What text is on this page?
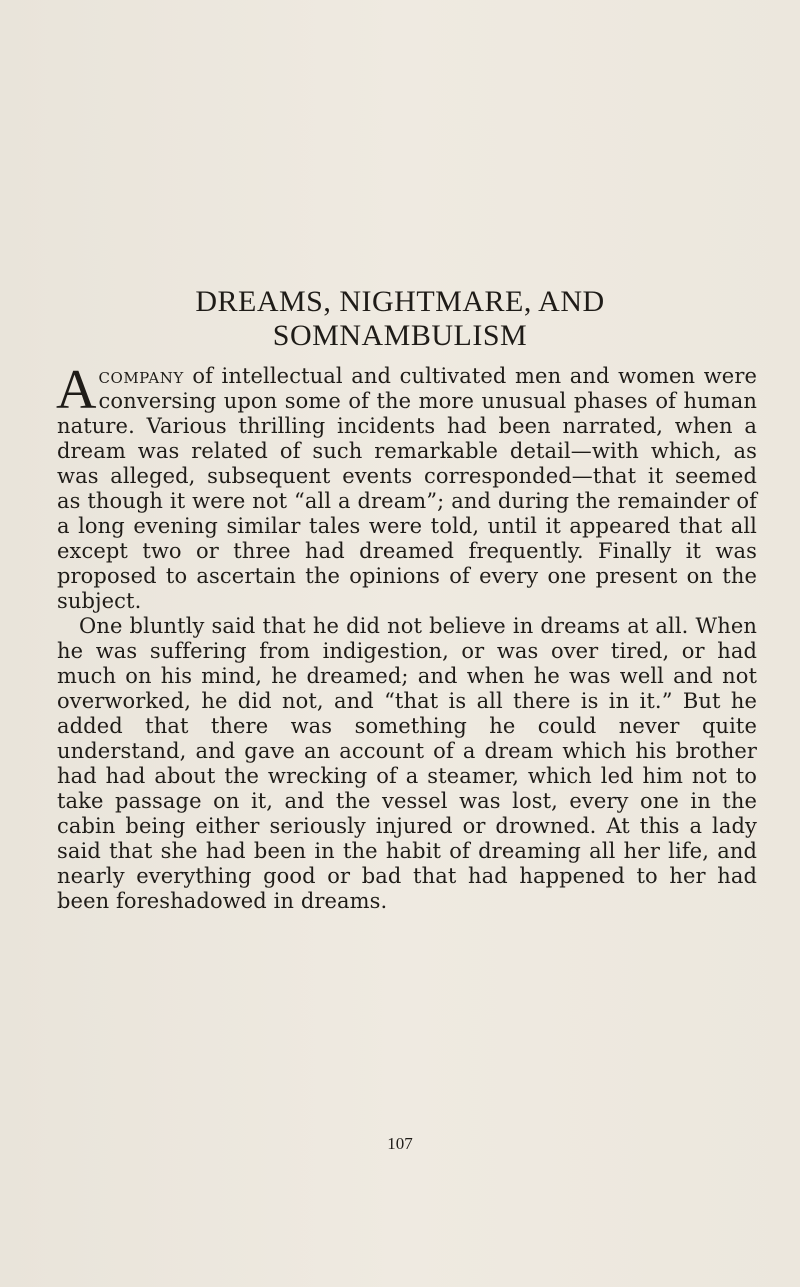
DREAMS, NIGHTMARE, AND
SOMNAMBULISM

Acompany of intellectual and cultivated men and women were conversing upon some of the more unusual phases of human nature. Various thrilling incidents had been narrated, when a dream was related of such remarkable detail—with which, as was alleged, subsequent events corresponded—that it seemed as though it were not “all a dream”; and during the remainder of a long evening similar tales were told, until it appeared that all except two or three had dreamed frequently. Finally it was proposed to ascertain the opinions of every one present on the subject.

One bluntly said that he did not believe in dreams at all. When he was suffering from indigestion, or was over tired, or had much on his mind, he dreamed; and when he was well and not overworked, he did not, and “that is all there is in it.” But he added that there was something he could never quite understand, and gave an account of a dream which his brother had had about the wrecking of a steamer, which led him not to take passage on it, and the vessel was lost, every one in the cabin being either seriously injured or drowned. At this a lady said that she had been in the habit of dreaming all her life, and nearly everything good or bad that had happened to her had been foreshadowed in dreams.

107
